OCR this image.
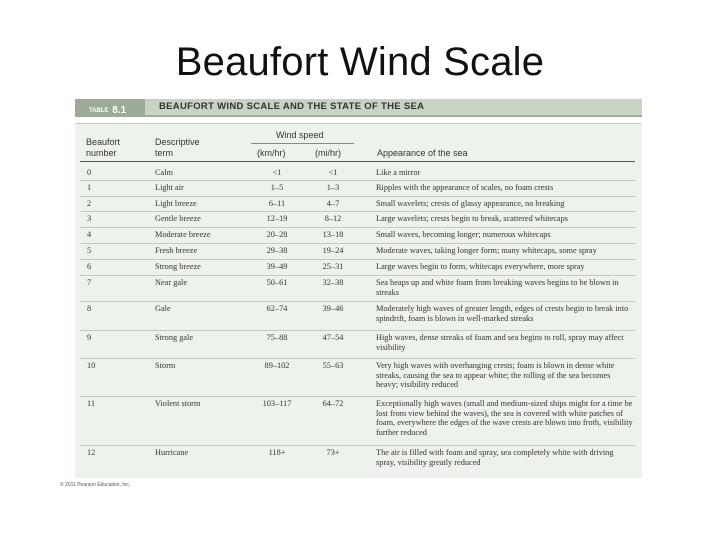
Beaufort Wind Scale
TABLE 8.1	BEAUFORT WIND SCALE AND THE STATE OF THE SEA
Beaufort
number
Descriptive
term
Wind speed
(km/hr)	(mi/hr)	Appearance of the sea
0	Calm	<1	<1	Like a mirror
1	Light air	1–5	1–3	Ripples with the appearance of scales, no foam crests
2	Light breeze	6–11	4–7	Small wavelets; crests of glassy appearance, no breaking
3	Gentle breeze	12–19	8–12	Large wavelets; crests begin to break, scattered whitecaps
4	Moderate breeze	20–28	13–18	Small waves, becoming longer; numerous whitecaps
5	Fresh breeze	29–38	19–24	Moderate waves, taking longer form; many whitecaps, some spray
6	Strong breeze	39–49	25–31	Large waves begin to form, whitecaps everywhere, more spray
7	Near gale	50–61	32–38	Sea heaps up and white foam from breaking waves begins to be blown in streaks
8	Gale	62–74	39–46	Moderately high waves of greater length, edges of crests begin to break into spindrift, foam is blown in well-marked streaks
9	Strong gale	75–88	47–54	High waves, dense streaks of foam and sea begins to roll, spray may affect visibility
10	Storm	89–102	55–63	Very high waves with overhanging crests; foam is blown in dense white streaks, causing the sea to appear white; the rolling of the sea becomes heavy; visibility reduced
11	Violent storm	103–117	64–72	Exceptionally high waves (small and medium-sized ships might for a time be lost from view behind the waves), the sea is covered with white patches of foam, everywhere the edges of the wave crests are blown into froth, visibility further reduced
12	Hurricane	118+	73+	The air is filled with foam and spray, sea completely white with driving spray, visibility greatly reduced
© 2011 Pearson Education, Inc.
